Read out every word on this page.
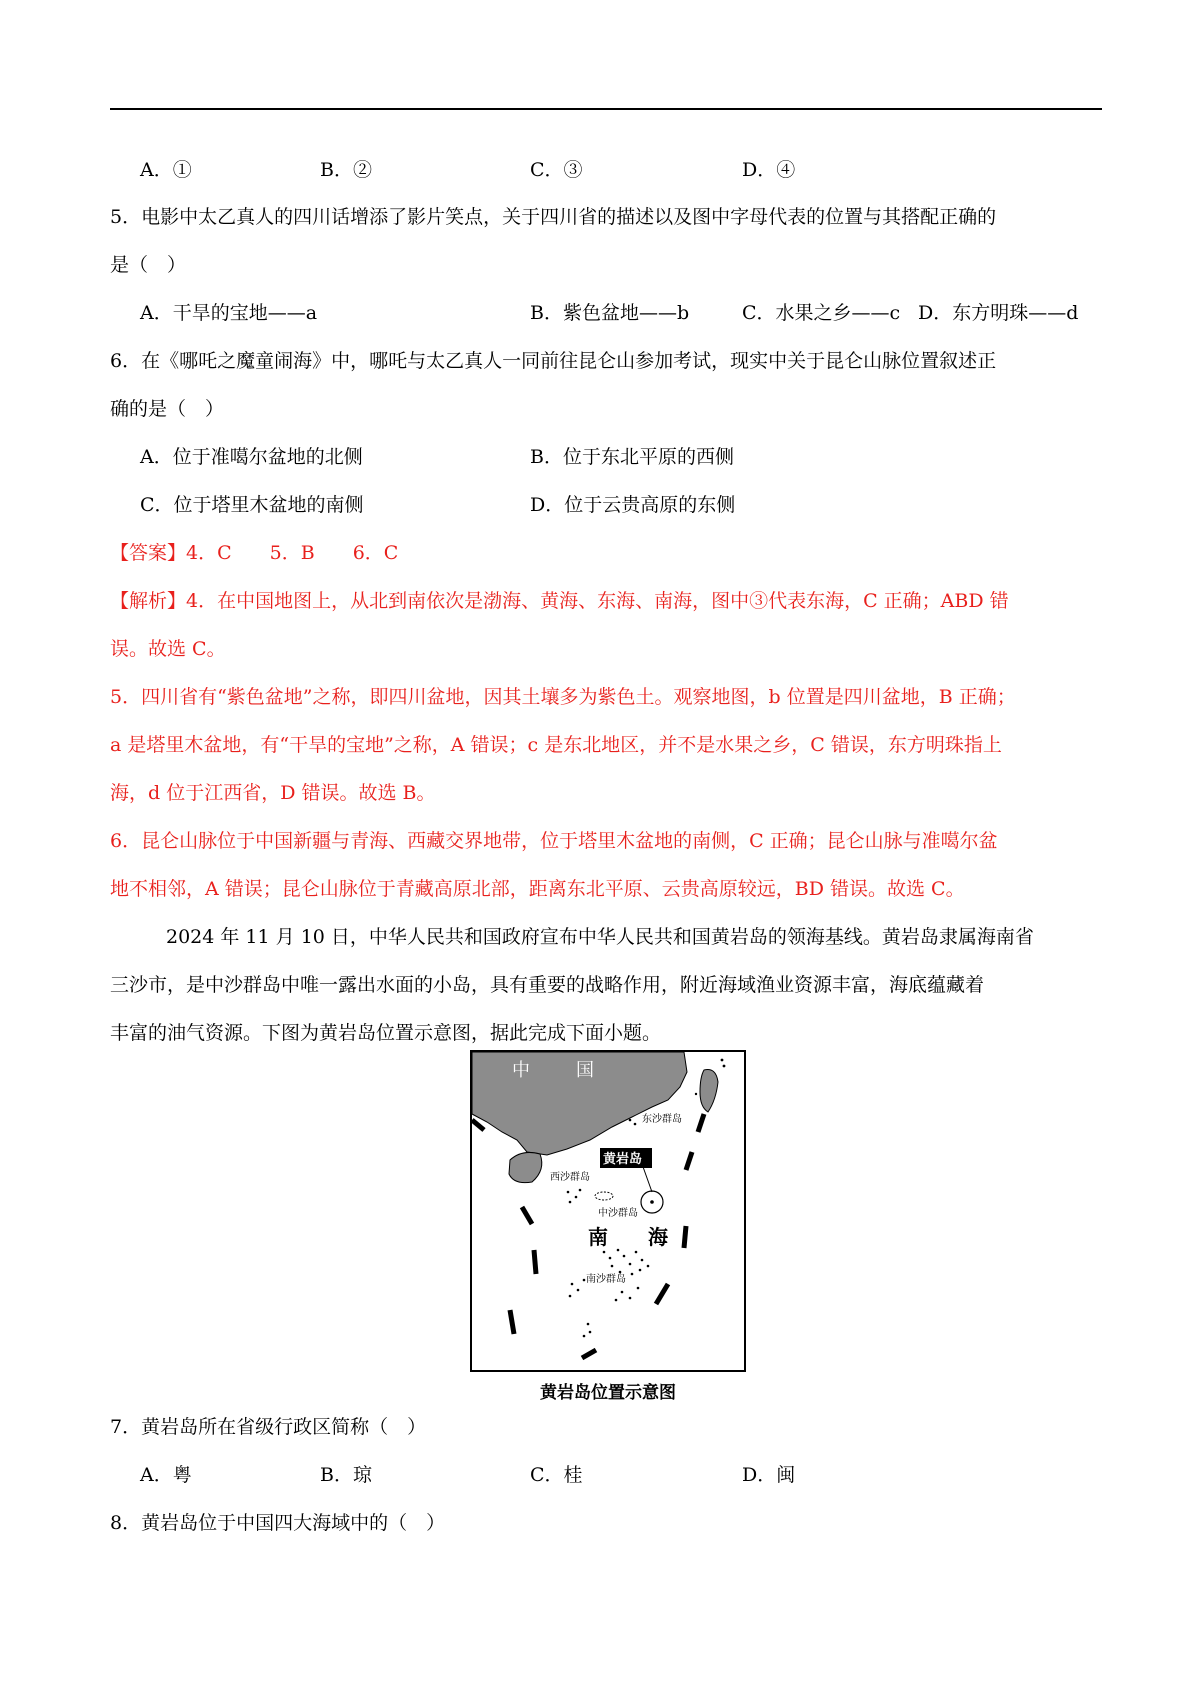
A．①	B．②	C．③	D．④
5．电影中太乙真人的四川话增添了影片笑点，关于四川省的描述以及图中字母代表的位置与其搭配正确的
是（　）
A．干旱的宝地——a	B．紫色盆地——b	C．水果之乡——c D．东方明珠——d
6．在《哪吒之魔童闹海》中，哪吒与太乙真人一同前往昆仑山参加考试，现实中关于昆仑山脉位置叙述正
确的是（　）
A．位于准噶尔盆地的北侧	B．位于东北平原的西侧
C．位于塔里木盆地的南侧	D．位于云贵高原的东侧
【答案】4．C　　5．B　　6．C
【解析】4．在中国地图上，从北到南依次是渤海、黄海、东海、南海，图中③代表东海，C 正确；ABD 错
误。故选 C。
5．四川省有“紫色盆地”之称，即四川盆地，因其土壤多为紫色土。观察地图，b 位置是四川盆地，B 正确；
a 是塔里木盆地，有“干旱的宝地”之称，A 错误；c 是东北地区，并不是水果之乡，C 错误，东方明珠指上
海，d 位于江西省，D 错误。故选 B。
6．昆仑山脉位于中国新疆与青海、西藏交界地带，位于塔里木盆地的南侧，C 正确；昆仑山脉与准噶尔盆
地不相邻，A 错误；昆仑山脉位于青藏高原北部，距离东北平原、云贵高原较远，BD 错误。故选 C。
2024 年 11 月 10 日，中华人民共和国政府宣布中华人民共和国黄岩岛的领海基线。黄岩岛隶属海南省
三沙市，是中沙群岛中唯一露出水面的小岛，具有重要的战略作用，附近海域渔业资源丰富，海底蕴藏着
丰富的油气资源。下图为黄岩岛位置示意图，据此完成下面小题。
中	国
东沙群岛
西沙群岛
中沙群岛
南沙群岛
南 海
黄岩岛
黄岩岛位置示意图
7．黄岩岛所在省级行政区简称（　）
A．粤	B．琼	C．桂	D．闽
8．黄岩岛位于中国四大海域中的（　）
